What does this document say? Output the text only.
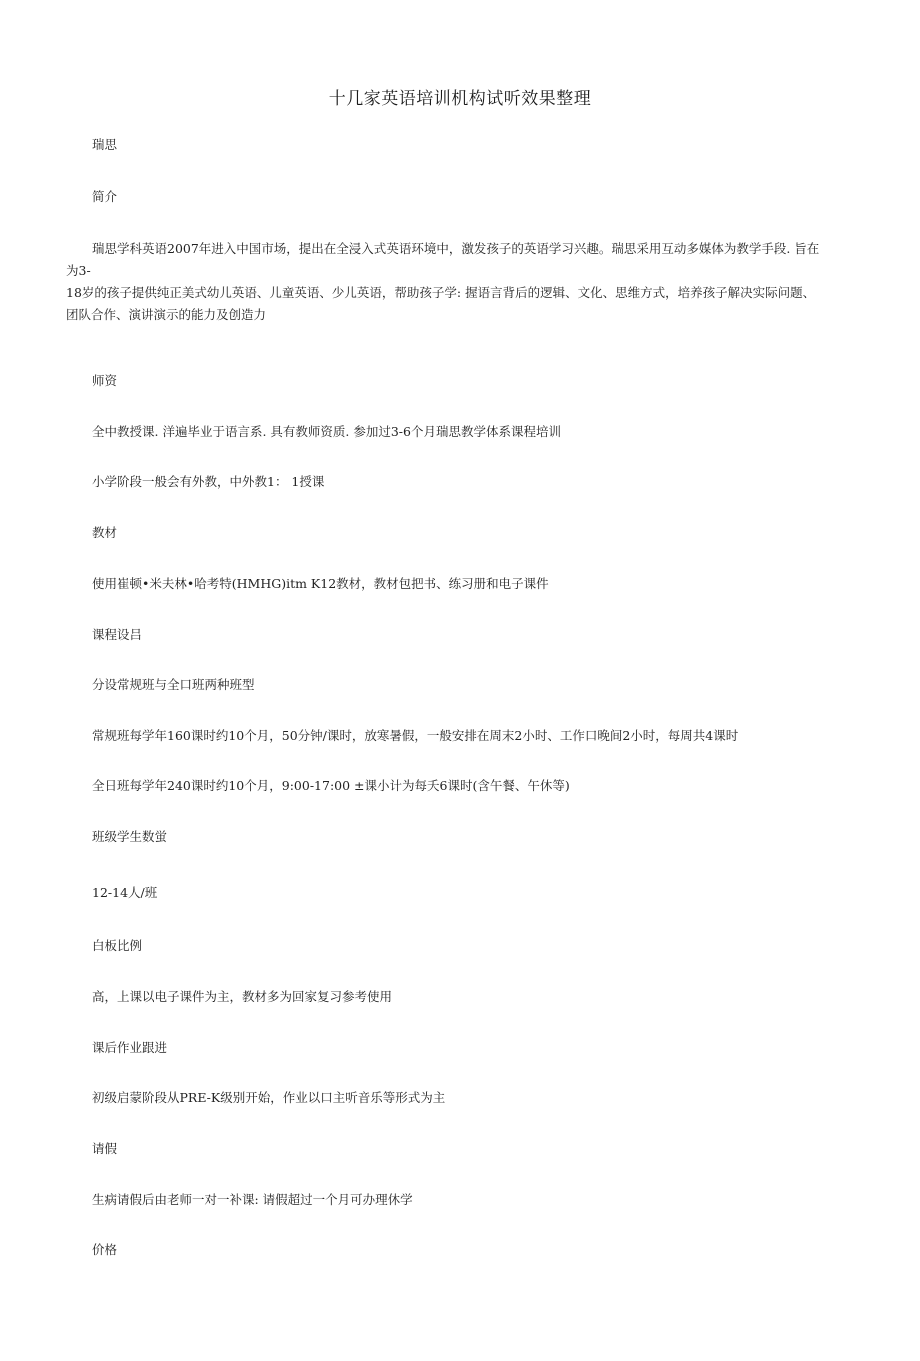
十几家英语培训机构试听效果整理
瑞思
简介
瑞思学科英语2007年进入中国市场，提出在全浸入式英语环境中，激发孩子的英语学习兴趣。瑞思采用互动多媒体为教学手段. 旨在
为3-
18岁的孩子提供纯正美式幼儿英语、儿童英语、少儿英语，帮助孩子学: 握语言背后的逻辑、文化、思维方式，培养孩子解决实际问题、
团队合作、演讲演示的能力及创造力
师资
全中教授课. 洋遍毕业于语言系. 具有教师资质. 参加过3-6个月瑞思教学体系课程培训
小学阶段一般会有外教，中外教1： 1授课
教材
使用崔顿•米夫林•哈考特(HMHG)itm K12教材，教材包把书、练习册和电子课件
课程设吕
分设常规班与全口班两种班型
常规班每学年160课时约10个月，50分钟/课时，放寒暑假，一般安排在周末2小时、工作口晚间2小时，每周共4课时
全日班每学年240课时约10个月，9:00-17:00 ±课小计为每夭6课时(含午餐、午休等)
班级学生数蛍
12-14人/班
白板比例
高，上课以电子课件为主，教材多为回家复习参考使用
课后作业跟进
初级启蒙阶段从PRE-K级别开始，作业以口主听音乐等形式为主
请假
生病请假后由老师一对一补课: 请假超过一个月可办理休学
价格
